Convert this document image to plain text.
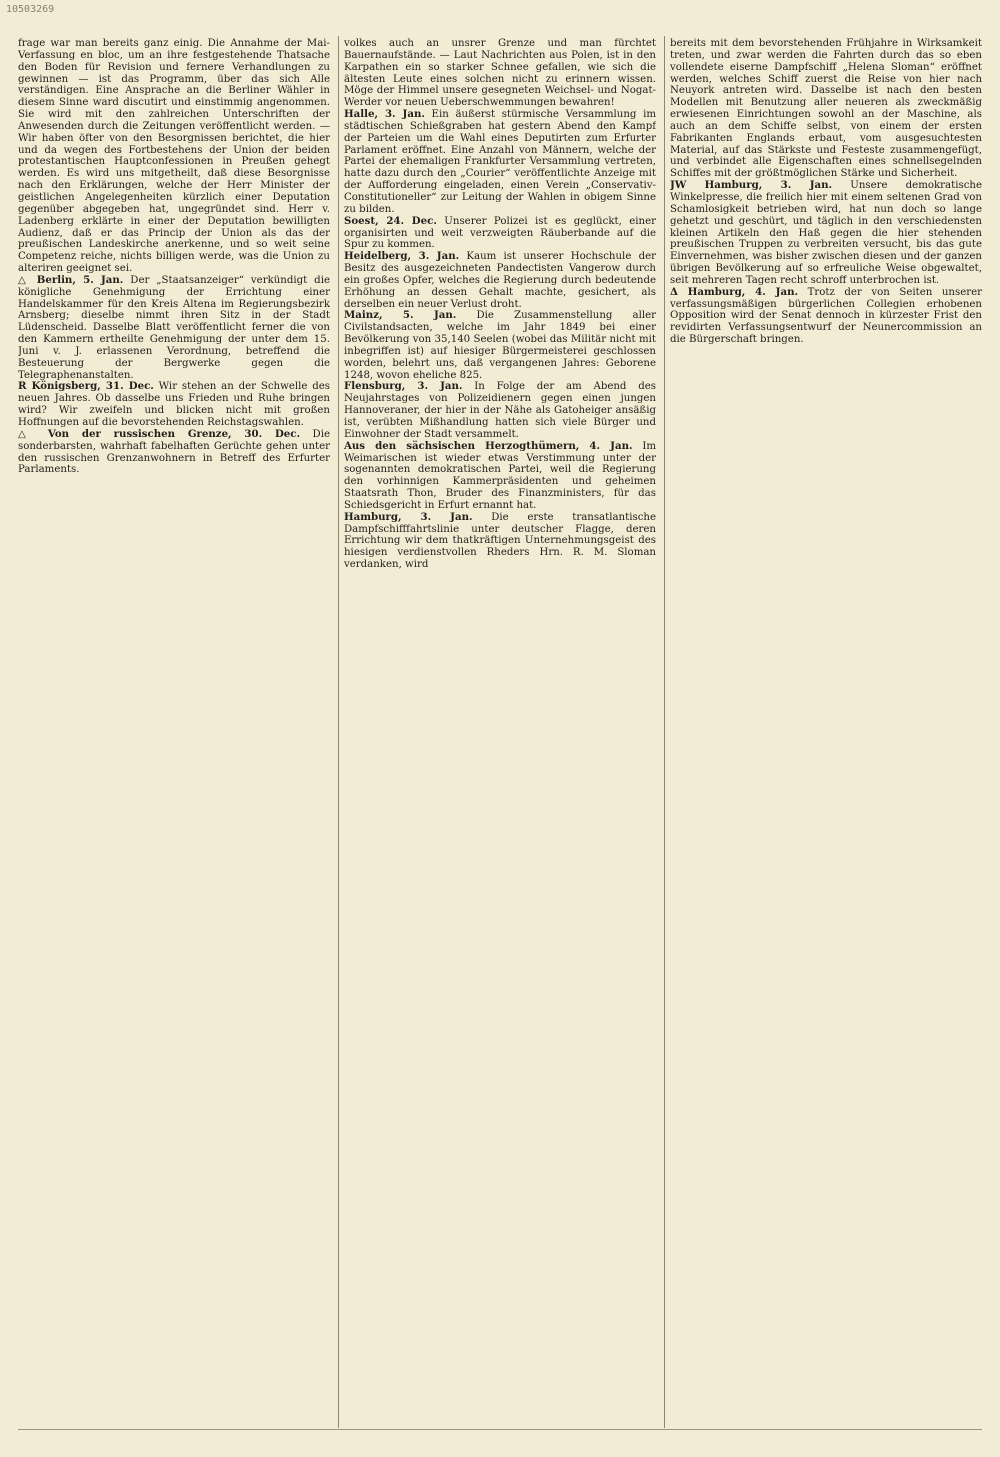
10503269

frage war man bereits ganz einig. Die Annahme der Mai-Verfassung en bloc, um an ihre festgestehende Thatsache den Boden für Revision und fernere Verhandlungen zu gewinnen — ist das Programm, über das sich Alle verständigen. Eine Ansprache an die Berliner Wähler in diesem Sinne ward discutirt und einstimmig angenommen. Sie wird mit den zahlreichen Unterschriften der Anwesenden durch die Zeitungen veröffentlicht werden. — Wir haben öfter von den Besorgnissen berichtet, die hier und da wegen des Fortbestehens der Union der beiden protestantischen Hauptconfessionen in Preußen gehegt werden. Es wird uns mitgetheilt, daß diese Besorgnisse nach den Erklärungen, welche der Herr Minister der geistlichen Angelegenheiten kürzlich einer Deputation gegenüber abgegeben hat, ungegründet sind. Herr v. Ladenberg erklärte in einer der Deputation bewilligten Audienz, daß er das Princip der Union als das der preußischen Landeskirche anerkenne, und so weit seine Competenz reiche, nichts billigen werde, was die Union zu alteriren geeignet sei.

△ Berlin, 5. Jan. Der „Staatsanzeiger“ verkündigt die königliche Genehmigung der Errichtung einer Handelskammer für den Kreis Altena im Regierungsbezirk Arnsberg; dieselbe nimmt ihren Sitz in der Stadt Lüdenscheid. Dasselbe Blatt veröffentlicht ferner die von den Kammern ertheilte Genehmigung der unter dem 15. Juni v. J. erlassenen Verordnung, betreffend die Besteuerung der Bergwerke gegen die Telegraphenanstalten.

R Königsberg, 31. Dec. Wir stehen an der Schwelle des neuen Jahres. Ob dasselbe uns Frieden und Ruhe bringen wird? Wir zweifeln und blicken nicht mit großen Hoffnungen auf die bevorstehenden Reichstagswahlen.

△ Von der russischen Grenze, 30. Dec. Die sonderbarsten, wahrhaft fabelhaften Gerüchte gehen unter den russischen Grenzanwohnern in Betreff des Erfurter Parlaments.

volkes auch an unsrer Grenze und man fürchtet Bauernaufstände. — Laut Nachrichten aus Polen, ist in den Karpathen ein so starker Schnee gefallen, wie sich die ältesten Leute eines solchen nicht zu erinnern wissen. Möge der Himmel unsere gesegneten Weichsel- und Nogat-Werder vor neuen Ueberschwemmungen bewahren!

Halle, 3. Jan. Ein äußerst stürmische Versammlung im städtischen Schießgraben hat gestern Abend den Kampf der Parteien um die Wahl eines Deputirten zum Erfurter Parlament eröffnet. Eine Anzahl von Männern, welche der Partei der ehemaligen Frankfurter Versammlung vertreten, hatte dazu durch den „Courier“ veröffentlichte Anzeige mit der Aufforderung eingeladen, einen Verein „Conservativ-Constitutioneller“ zur Leitung der Wahlen in obigem Sinne zu bilden.

Soest, 24. Dec. Unserer Polizei ist es geglückt, einer organisirten und weit verzweigten Räuberbande auf die Spur zu kommen.

Heidelberg, 3. Jan. Kaum ist unserer Hochschule der Besitz des ausgezeichneten Pandectisten Vangerow durch ein großes Opfer, welches die Regierung durch bedeutende Erhöhung an dessen Gehalt machte, gesichert, als derselben ein neuer Verlust droht.

Mainz, 5. Jan. Die Zusammenstellung aller Civilstandsacten, welche im Jahr 1849 bei einer Bevölkerung von 35,140 Seelen (wobei das Militär nicht mit inbegriffen ist) auf hiesiger Bürgermeisterei geschlossen worden, belehrt uns, daß vergangenen Jahres: Geborene 1248, wovon eheliche 825.

Flensburg, 3. Jan. In Folge der am Abend des Neujahrstages von Polizeidienern gegen einen jungen Hannoveraner, der hier in der Nähe als Gatoheiger ansäßig ist, verübten Mißhandlung hatten sich viele Bürger und Einwohner der Stadt versammelt.

Aus den sächsischen Herzogthümern, 4. Jan. Im Weimarischen ist wieder etwas Verstimmung unter der sogenannten demokratischen Partei, weil die Regierung den vorhinnigen Kammerpräsidenten und geheimen Staatsrath Thon, Bruder des Finanzministers, für das Schiedsgericht in Erfurt ernannt hat.

Hamburg, 3. Jan. Die erste transatlantische Dampfschifffahrtslinie unter deutscher Flagge, deren Errichtung wir dem thatkräftigen Unternehmungsgeist des hiesigen verdienstvollen Rheders Hrn. R. M. Sloman verdanken, wird

bereits mit dem bevorstehenden Frühjahre in Wirksamkeit treten, und zwar werden die Fahrten durch das so eben vollendete eiserne Dampfschiff „Helena Sloman“ eröffnet werden, welches Schiff zuerst die Reise von hier nach Neuyork antreten wird. Dasselbe ist nach den besten Modellen mit Benutzung aller neueren als zweckmäßig erwiesenen Einrichtungen sowohl an der Maschine, als auch an dem Schiffe selbst, von einem der ersten Fabrikanten Englands erbaut, vom ausgesuchtesten Material, auf das Stärkste und Festeste zusammengefügt, und verbindet alle Eigenschaften eines schnellsegelnden Schiffes mit der größtmöglichen Stärke und Sicherheit.

JW Hamburg, 3. Jan. Unsere demokratische Winkelpresse, die freilich hier mit einem seltenen Grad von Schamlosigkeit betrieben wird, hat nun doch so lange gehetzt und geschürt, und täglich in den verschiedensten kleinen Artikeln den Haß gegen die hier stehenden preußischen Truppen zu verbreiten versucht, bis das gute Einvernehmen, was bisher zwischen diesen und der ganzen übrigen Bevölkerung auf so erfreuliche Weise obgewaltet, seit mehreren Tagen recht schroff unterbrochen ist.

Δ Hamburg, 4. Jan. Trotz der von Seiten unserer verfassungsmäßigen bürgerlichen Collegien erhobenen Opposition wird der Senat dennoch in kürzester Frist den revidirten Verfassungsentwurf der Neunercommission an die Bürgerschaft bringen.
